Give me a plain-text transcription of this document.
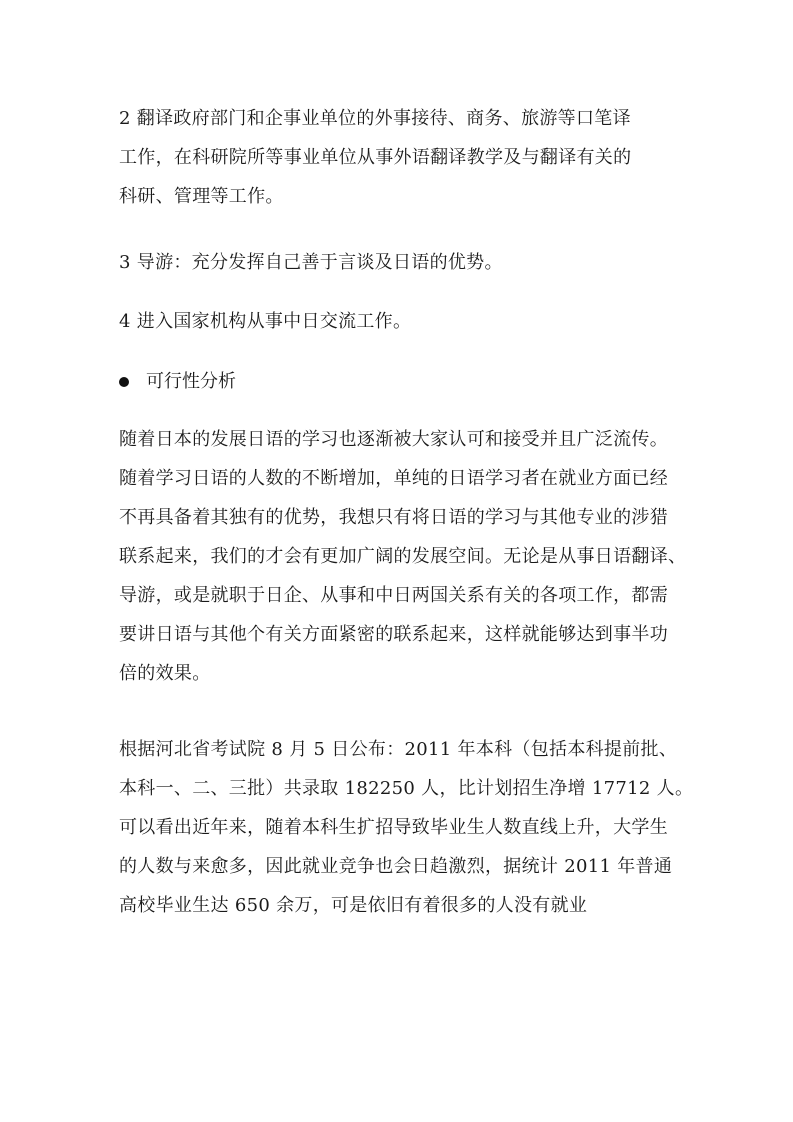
2 翻译政府部门和企事业单位的外事接待、商务、旅游等口笔译
工作，在科研院所等事业单位从事外语翻译教学及与翻译有关的
科研、管理等工作。
3 导游：充分发挥自己善于言谈及日语的优势。
4 进入国家机构从事中日交流工作。
可行性分析
随着日本的发展日语的学习也逐渐被大家认可和接受并且广泛流传。
随着学习日语的人数的不断增加，单纯的日语学习者在就业方面已经
不再具备着其独有的优势，我想只有将日语的学习与其他专业的涉猎
联系起来，我们的才会有更加广阔的发展空间。无论是从事日语翻译、
导游，或是就职于日企、从事和中日两国关系有关的各项工作，都需
要讲日语与其他个有关方面紧密的联系起来，这样就能够达到事半功
倍的效果。
根据河北省考试院 8 月 5 日公布：2011 年本科（包括本科提前批、
本科一、二、三批）共录取 182250 人，比计划招生净增 17712 人。
可以看出近年来，随着本科生扩招导致毕业生人数直线上升，大学生
的人数与来愈多，因此就业竞争也会日趋激烈，据统计 2011 年普通
高校毕业生达 650 余万，可是依旧有着很多的人没有就业
